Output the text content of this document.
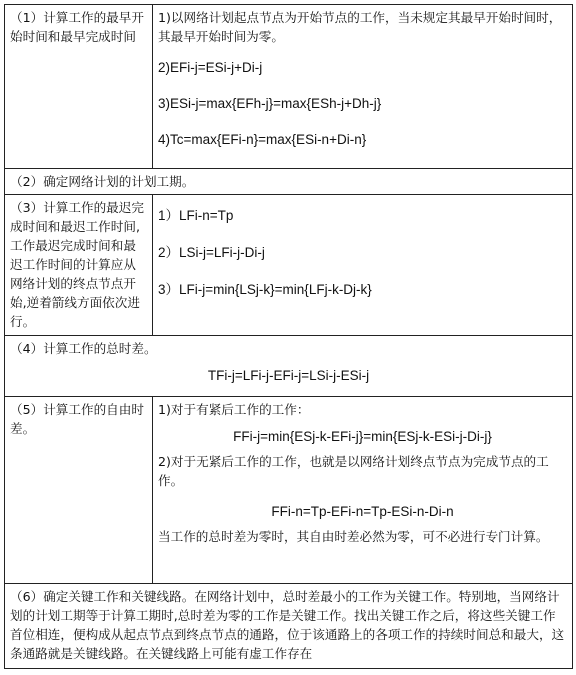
（1）计算工作的最早开始时间和最早完成时间	1)以网络计划起点节点为开始节点的工作，当未规定其最早开始时间时，其最早开始时间为零。

2)EFi-j=ESi-j+Di-j

3)ESi-j=max{EFh-j}=max{ESh-j+Dh-j}

4)Tc=max{EFi-n}=max{ESi-n+Di-n}

（2）确定网络计划的计划工期。	
（3）计算工作的最迟完成时间和最迟工作时间,工作最迟完成时间和最迟工作时间的计算应从网络计划的终点节点开始,逆着箭线方面依次进行。	1）LFi-n=Tp

2）LSi-j=LFi-j-Di-j

3）LFi-j=min{LSj-k}=min{LFj-k-Dj-k}

（4）计算工作的总时差。

TFi-j=LFi-j-EFi-j=LSi-j-ESi-j	

（5）计算工作的自由时差。	1)对于有紧后工作的工作：

FFi-j=min{ESj-k-EFi-j}=min{ESj-k-ESi-j-Di-j}

2)对于无紧后工作的工作，也就是以网络计划终点节点为完成节点的工作。

FFi-n=Tp-EFi-n=Tp-ESi-n-Di-n

当工作的总时差为零时，其自由时差必然为零，可不必进行专门计算。

（6）确定关键工作和关键线路。在网络计划中，总时差最小的工作为关键工作。特别地，当网络计划的计划工期等于计算工期时,总时差为零的工作是关键工作。找出关键工作之后，将这些关键工作首位相连，便构成从起点节点到终点节点的通路，位于该通路上的各项工作的持续时间总和最大，这条通路就是关键线路。在关键线路上可能有虚工作存在	
